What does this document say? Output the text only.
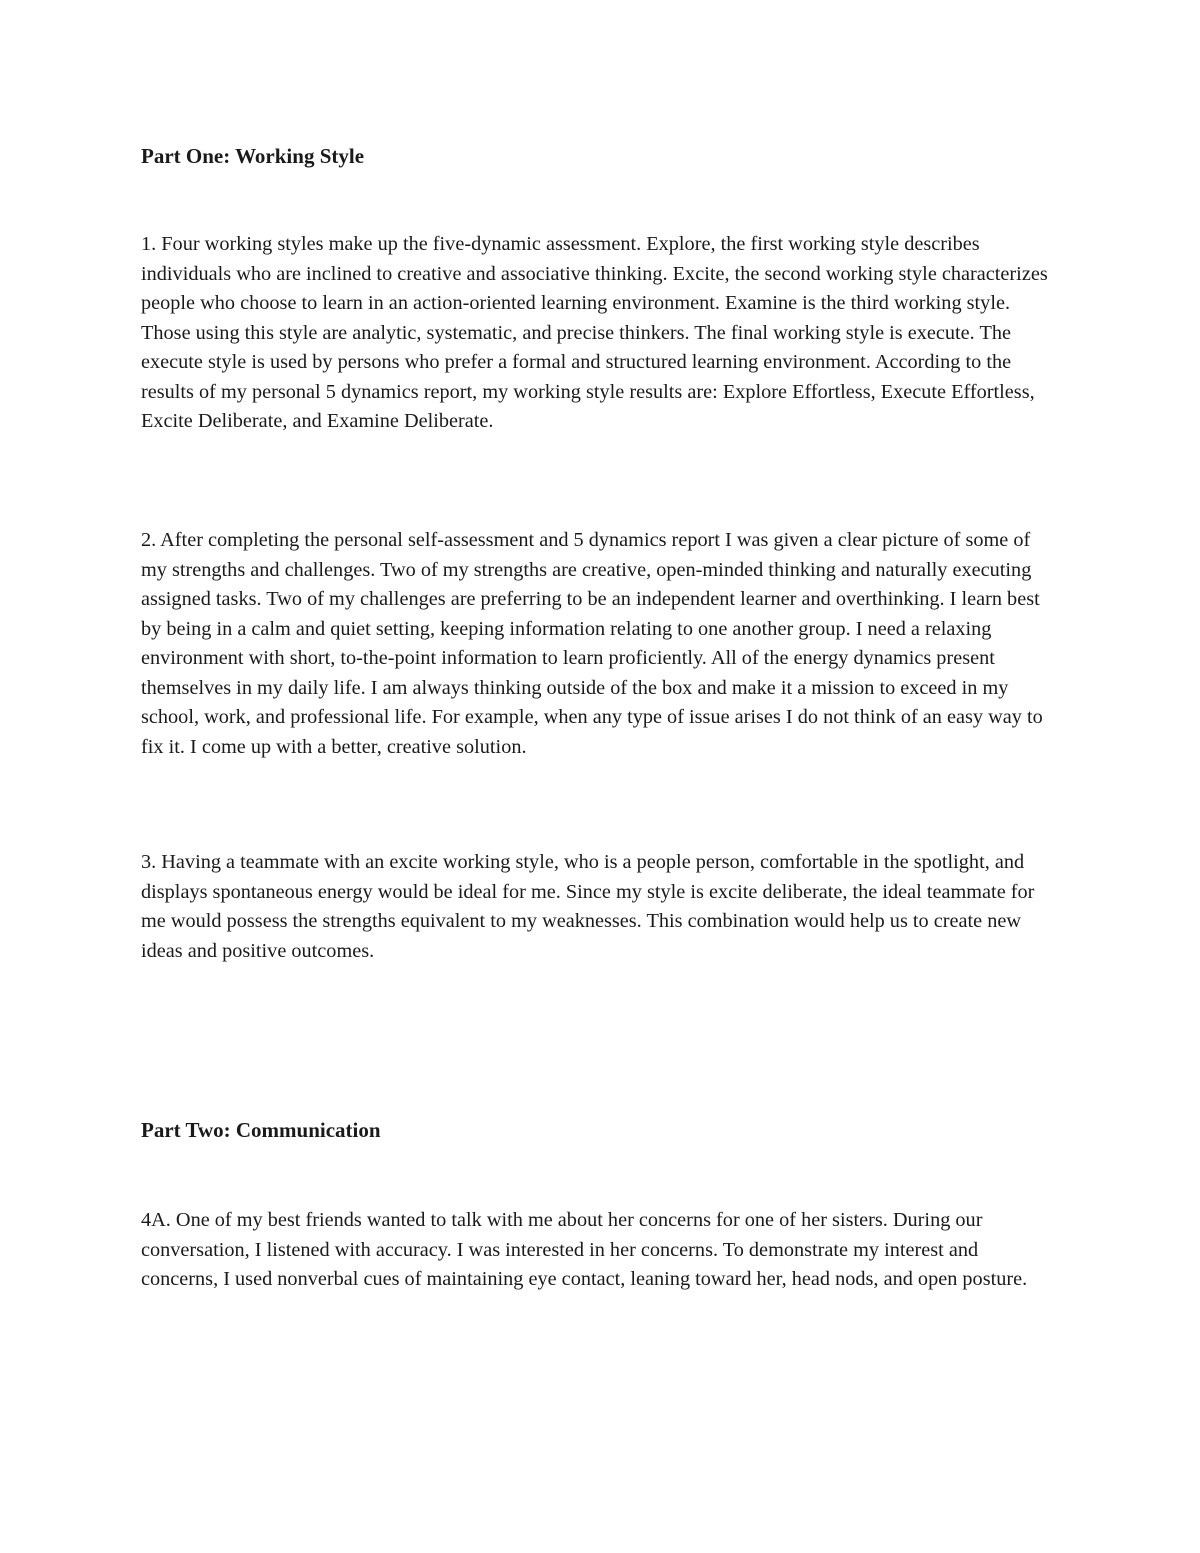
Part One: Working Style

1. Four working styles make up the five-dynamic assessment. Explore, the first working style describes individuals who are inclined to creative and associative thinking. Excite, the second working style characterizes people who choose to learn in an action-oriented learning environment. Examine is the third working style. Those using this style are analytic, systematic, and precise thinkers. The final working style is execute. The execute style is used by persons who prefer a formal and structured learning environment. According to the results of my personal 5 dynamics report, my working style results are: Explore Effortless, Execute Effortless, Excite Deliberate, and Examine Deliberate.

2. After completing the personal self-assessment and 5 dynamics report I was given a clear picture of some of my strengths and challenges. Two of my strengths are creative, open-minded thinking and naturally executing assigned tasks. Two of my challenges are preferring to be an independent learner and overthinking. I learn best by being in a calm and quiet setting, keeping information relating to one another group. I need a relaxing environment with short, to-the-point information to learn proficiently. All of the energy dynamics present themselves in my daily life. I am always thinking outside of the box and make it a mission to exceed in my school, work, and professional life. For example, when any type of issue arises I do not think of an easy way to fix it. I come up with a better, creative solution.

3. Having a teammate with an excite working style, who is a people person, comfortable in the spotlight, and displays spontaneous energy would be ideal for me. Since my style is excite deliberate, the ideal teammate for me would possess the strengths equivalent to my weaknesses. This combination would help us to create new ideas and positive outcomes.

Part Two: Communication

4A. One of my best friends wanted to talk with me about her concerns for one of her sisters. During our conversation, I listened with accuracy. I was interested in her concerns. To demonstrate my interest and concerns, I used nonverbal cues of maintaining eye contact, leaning toward her, head nods, and open posture.
